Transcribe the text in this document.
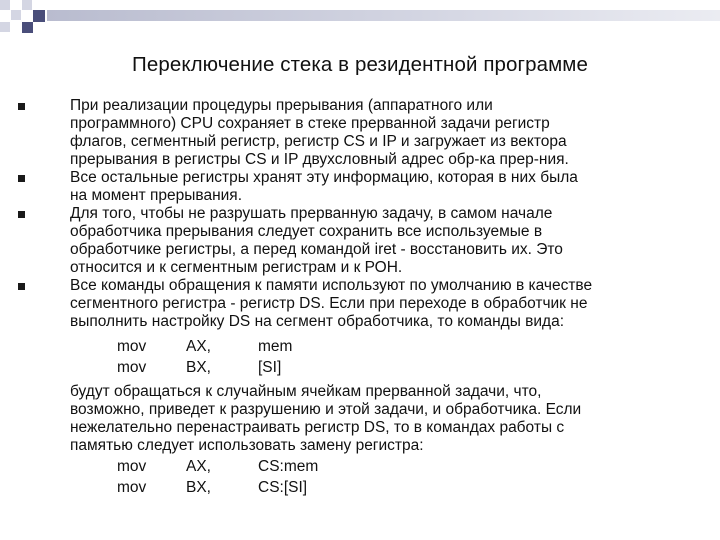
Переключение стека в резидентной программе
При реализации процедуры прерывания (аппаратного или
программного) CPU сохраняет в стеке прерванной задачи регистр
флагов, сегментный регистр, регистр CS и IP и загружает из вектора
прерывания в регистры CS и IP двухсловный адрес обр-ка прер-ния.
Все остальные регистры хранят эту информацию, которая в них была
на момент прерывания.
Для того, чтобы не разрушать прерванную задачу, в самом начале
обработчика прерывания следует сохранить все используемые в
обработчике регистры, а перед командой iret - восстановить их. Это
относится и к сегментным регистрам и к РОН.
Все команды обращения к памяти используют по умолчанию в качестве
сегментного регистра - регистр DS. Если при переходе в обработчик не
выполнить настройку DS на сегмент обработчика, то команды вида:
mov	AX,	mem
mov	BX,	[SI]
будут обращаться к случайным ячейкам прерванной задачи, что,
возможно, приведет к разрушению и этой задачи, и обработчика. Если
нежелательно перенастраивать регистр DS, то в командах работы с
памятью следует использовать замену регистра:
mov	AX,	CS:mem
mov	BX,	CS:[SI]
